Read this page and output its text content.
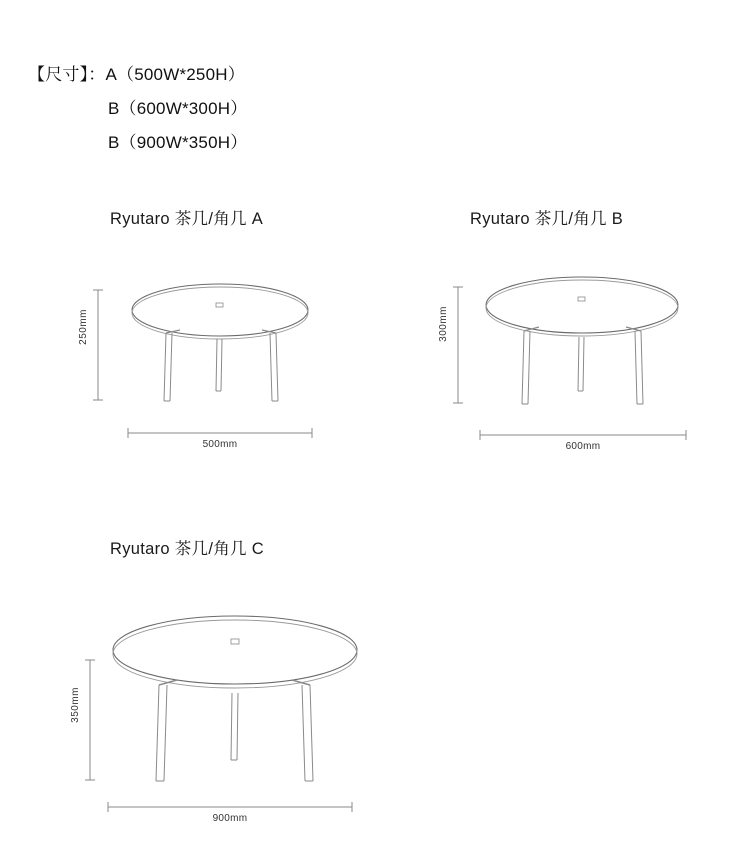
【尺寸】：A（500W*250H）
B（600W*300H）
B（900W*350H）
Ryutaro 茶几/角几 A
250mm
500mm
Ryutaro 茶几/角几 B
300mm
600mm
Ryutaro 茶几/角几 C
350mm
900mm
